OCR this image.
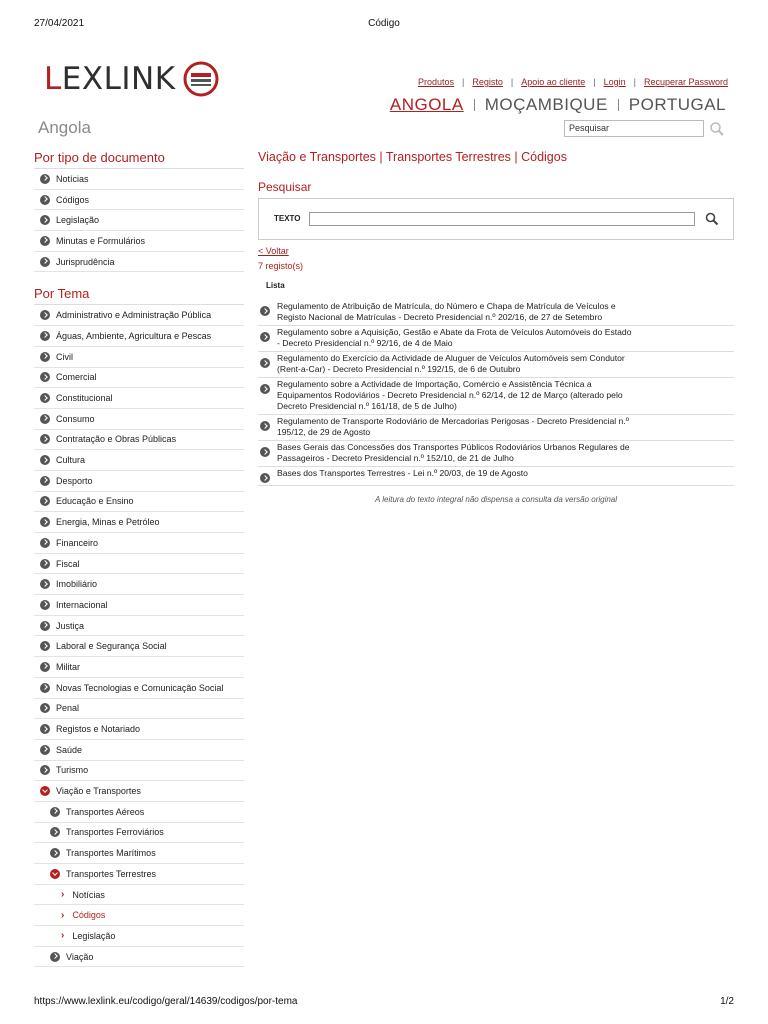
27/04/2021	Código
LEXLINK
Angola
Produtos | Registo | Apoio ao cliente | Login | Recuperar Password
ANGOLA MOÇAMBIQUE PORTUGAL
Pesquisar
Por tipo de documento
Notícias
Códigos
Legislação
Minutas e Formulários
Jurisprudência
Por Tema
Administrativo e Administração Pública
Águas, Ambiente, Agricultura e Pescas
Civil
Comercial
Constitucional
Consumo
Contratação e Obras Públicas
Cultura
Desporto
Educação e Ensino
Energia, Minas e Petróleo
Financeiro
Fiscal
Imobiliário
Internacional
Justiça
Laboral e Segurança Social
Militar
Novas Tecnologias e Comunicação Social
Penal
Registos e Notariado
Saúde
Turismo
Viação e Transportes
Transportes Aéreos
Transportes Ferroviários
Transportes Marítimos
Transportes Terrestres
› Notícias
› Códigos
› Legislação
Viação
Viação e Transportes | Transportes Terrestres | Códigos
Pesquisar
TEXTO
< Voltar
7 registo(s)
Lista
Regulamento de Atribuição de Matrícula, do Número e Chapa de Matrícula de Veículos e
Registo Nacional de Matrículas - Decreto Presidencial n.º 202/16, de 27 de Setembro
Regulamento sobre a Aquisição, Gestão e Abate da Frota de Veículos Automóveis do Estado
- Decreto Presidencial n.º 92/16, de 4 de Maio
Regulamento do Exercício da Actividade de Aluguer de Veículos Automóveis sem Condutor
(Rent-a-Car) - Decreto Presidencial n.º 192/15, de 6 de Outubro
Regulamento sobre a Actividade de Importação, Comércio e Assistência Técnica a
Equipamentos Rodoviários - Decreto Presidencial n.º 62/14, de 12 de Março (alterado pelo
Decreto Presidencial n.º 161/18, de 5 de Julho)
Regulamento de Transporte Rodoviário de Mercadorias Perigosas - Decreto Presidencial n.º
195/12, de 29 de Agosto
Bases Gerais das Concessões dos Transportes Públicos Rodoviários Urbanos Regulares de
Passageiros - Decreto Presidencial n.º 152/10, de 21 de Julho
Bases dos Transportes Terrestres - Lei n.º 20/03, de 19 de Agosto
A leitura do texto integral não dispensa a consulta da versão original
https://www.lexlink.eu/codigo/geral/14639/codigos/por-tema	1/2
